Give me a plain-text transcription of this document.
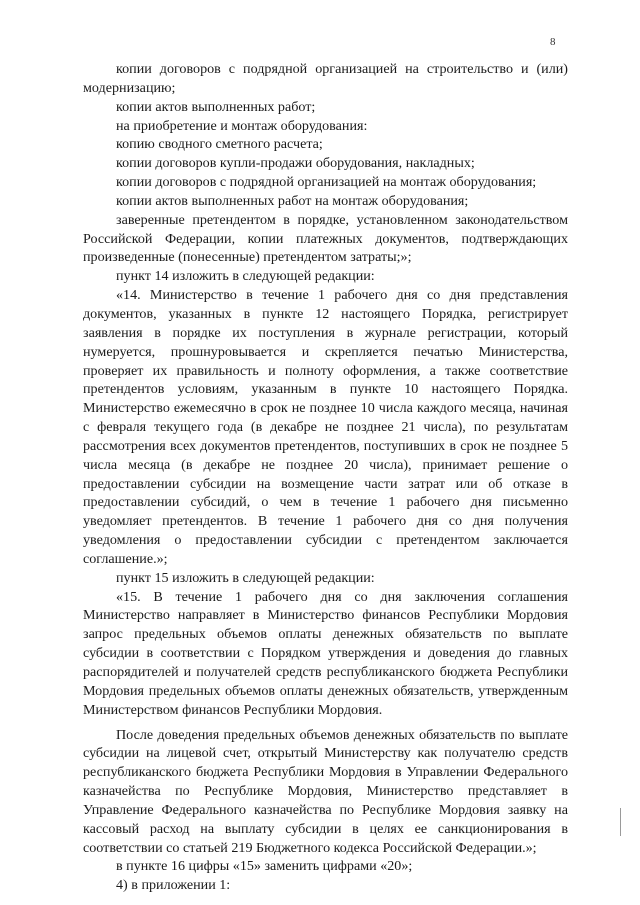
8

копии договоров с подрядной организацией на строительство и (или) модернизацию;

копии актов выполненных работ;

на приобретение и монтаж оборудования:

копию сводного сметного расчета;

копии договоров купли-продажи оборудования, накладных;

копии договоров с подрядной организацией на монтаж оборудования;

копии актов выполненных работ на монтаж оборудования;

заверенные претендентом в порядке, установленном законодательством Российской Федерации, копии платежных документов, подтверждающих произведенные (понесенные) претендентом затраты;»;

пункт 14 изложить в следующей редакции:

«14. Министерство в течение 1 рабочего дня со дня представления документов, указанных в пункте 12 настоящего Порядка, регистрирует заявления в порядке их поступления в журнале регистрации, который нумеруется, прошнуровывается и скрепляется печатью Министерства, проверяет их правильность и полноту оформления, а также соответствие претендентов условиям, указанным в пункте 10 настоящего Порядка. Министерство ежемесячно в срок не позднее 10 числа каждого месяца, начиная с февраля текущего года (в декабре не позднее 21 числа), по результатам рассмотрения всех документов претендентов, поступивших в срок не позднее 5 числа месяца (в декабре не позднее 20 числа), принимает решение о предоставлении субсидии на возмещение части затрат или об отказе в предоставлении субсидий, о чем в течение 1 рабочего дня письменно уведомляет претендентов. В течение 1 рабочего дня со дня получения уведомления о предоставлении субсидии с претендентом заключается соглашение.»;

пункт 15 изложить в следующей редакции:

«15. В течение 1 рабочего дня со дня заключения соглашения Министерство направляет в Министерство финансов Республики Мордовия запрос предельных объемов оплаты денежных обязательств по выплате субсидии в соответствии с Порядком утверждения и доведения до главных распорядителей и получателей средств республиканского бюджета Республики Мордовия предельных объемов оплаты денежных обязательств, утвержденным Министерством финансов Республики Мордовия.

После доведения предельных объемов денежных обязательств по выплате субсидии на лицевой счет, открытый Министерству как получателю средств республиканского бюджета Республики Мордовия в Управлении Федерального казначейства по Республике Мордовия, Министерство представляет в Управление Федерального казначейства по Республике Мордовия заявку на кассовый расход на выплату субсидии в целях ее санкционирования в соответствии со статьей 219 Бюджетного кодекса Российской Федерации.»;

в пункте 16 цифры «15» заменить цифрами «20»;

4) в приложении 1:
